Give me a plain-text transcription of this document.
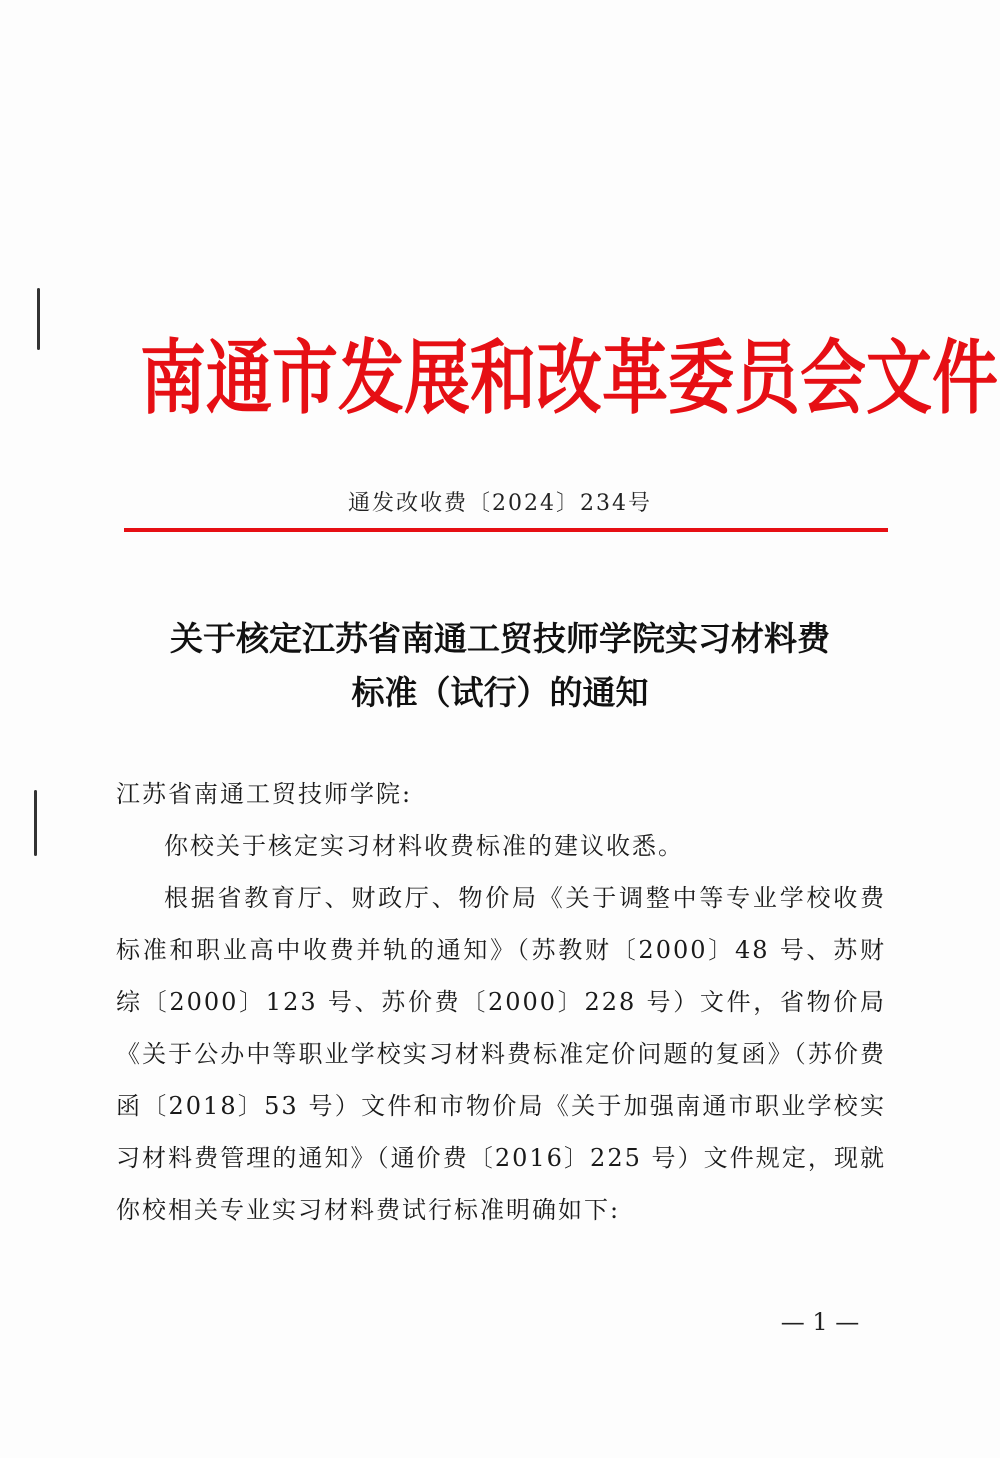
南通市发展和改革委员会文件
通发改收费〔2024〕234号
关于核定江苏省南通工贸技师学院实习材料费
标准（试行）的通知

江苏省南通工贸技师学院:

你校关于核定实习材料收费标准的建议收悉。

根据省教育厅、财政厅、物价局《关于调整中等专业学校收费标准和职业高中收费并轨的通知》（苏教财〔2000〕48 号、苏财综〔2000〕123 号、苏价费〔2000〕228 号）文件，省物价局《关于公办中等职业学校实习材料费标准定价问题的复函》（苏价费函〔2018〕53 号）文件和市物价局《关于加强南通市职业学校实习材料费管理的通知》（通价费〔2016〕225 号）文件规定，现就你校相关专业实习材料费试行标准明确如下:

— 1 —
